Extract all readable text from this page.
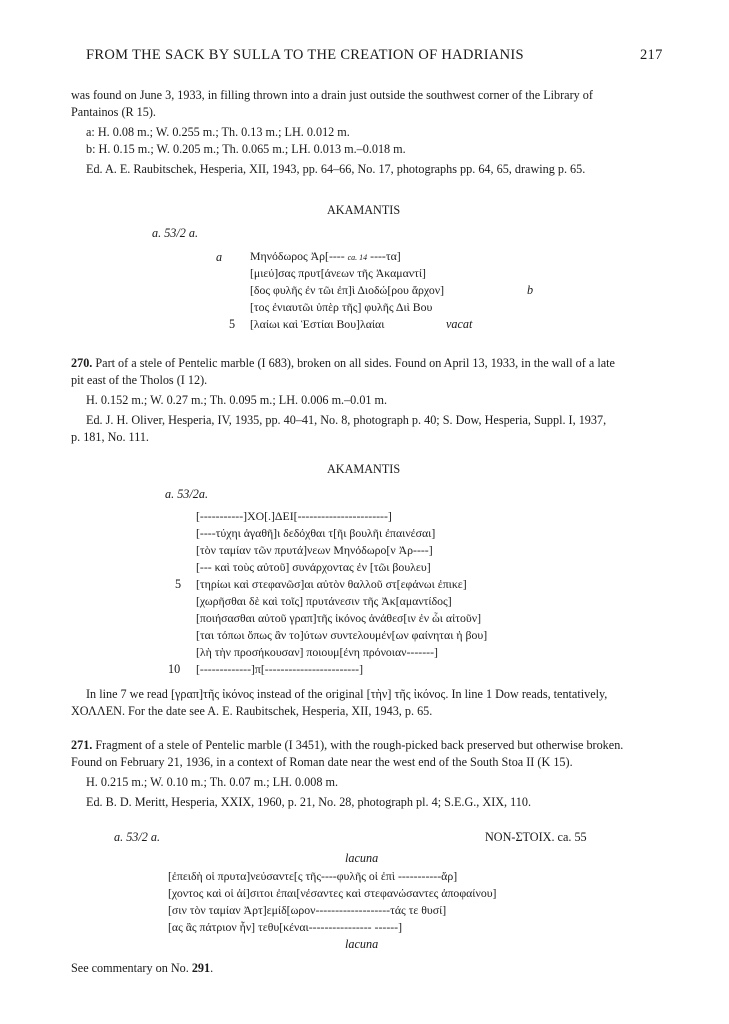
FROM THE SACK BY SULLA TO THE CREATION OF HADRIANIS	217
was found on June 3, 1933, in filling thrown into a drain just outside the southwest corner of the Library of
Pantainos (R 15).
a: H. 0.08 m.; W. 0.255 m.; Th. 0.13 m.; LH. 0.012 m.
b: H. 0.15 m.; W. 0.205 m.; Th. 0.065 m.; LH. 0.013 m.–0.018 m.
Ed. A. E. Raubitschek, Hesperia, XII, 1943, pp. 64–66, No. 17, photographs pp. 64, 65, drawing p. 65.
AKAMANTIS
a. 53/2 a.
a Μηνόδωρος Ἀρ[---- ca. 14 ----τα]
[μιεύ]σας πρυτ[άνεων τῆς Ἀκαμαντί]
[δος φυλῆς ἐν τῶι ἐπ]ὶ Διοδώ[ρου ἄρχον]	b
[τος ἐνιαυτῶι ὑπὲρ τῆς] φυλῆς Διὶ Βου
5 [λαίωι καὶ Ἑστίαι Βου]λαίαι	vacat
270. Part of a stele of Pentelic marble (I 683), broken on all sides. Found on April 13, 1933, in the wall of a late
pit east of the Tholos (I 12).
H. 0.152 m.; W. 0.27 m.; Th. 0.095 m.; LH. 0.006 m.–0.01 m.
Ed. J. H. Oliver, Hesperia, IV, 1935, pp. 40–41, No. 8, photograph p. 40; S. Dow, Hesperia, Suppl. I, 1937,
p. 181, No. 111.
AKAMANTIS
a. 53/2a.
[-----------]ΧΟ[.]ΔΕΙ[-----------------------]
[----τύχηι ἀγαθῆ]ι δεδόχθαι τ[ῆι βουλῆι ἐπαινέσαι]
[τὸν ταμίαν τῶν πρυτά]νεων Μηνόδωρο[ν Ἀρ----]
[--- καὶ τοὺς αὐτοῦ] συνάρχοντας ἐν [τῶι βουλευ]
5 [τηρίωι καὶ στεφανῶσ]αι αὐτὸν θαλλοῦ στ[εφάνωι ἐπικε]
[χωρῆσθαι δὲ καὶ τοῖς] πρυτάνεσιν τῆς Ἀκ[αμαντίδος]
[ποιήσασθαι αὐτοῦ γραπ]τῆς ἰκόνος ἀνάθεσ[ιν ἐν ὧι αἰτοῦν]
[ται τόπωι ὅπως ἂν το]ύτων συντελουμέν[ων φαίνηται ἡ βου]
[λὴ τὴν προσήκουσαν] ποιουμ[ένη πρόνοιαν-------]
10 [-------------]π[------------------------]
In line 7 we read [γραπ]τῆς ἰκόνος instead of the original [τὴν] τῆς ἰκόνος. In line 1 Dow reads, tentatively,
ΧΟΛΛΕΝ. For the date see A. E. Raubitschek, Hesperia, XII, 1943, p. 65.
271. Fragment of a stele of Pentelic marble (I 3451), with the rough-picked back preserved but otherwise broken.
Found on February 21, 1936, in a context of Roman date near the west end of the South Stoa II (K 15).
H. 0.215 m.; W. 0.10 m.; Th. 0.07 m.; LH. 0.008 m.
Ed. B. D. Meritt, Hesperia, XXIX, 1960, p. 21, No. 28, photograph pl. 4; S.E.G., XIX, 110.
a. 53/2 a.	NON-ΣΤΟΙΧ. ca. 55
lacuna
[ἐπειδὴ οἱ πρυτα]νεύσαντε[ς τῆς----φυλῆς οἱ ἐπὶ -----------ἄρ]
[χοντος καὶ οἱ ἀί]σιτοι ἐπαι[νέσαντες καὶ στεφανώσαντες ἀποφαίνου]
[σιν τὸν ταμίαν Ἀρτ]εμίδ[ωρον-------------------τάς τε θυσί]
[ας ἃς πάτριον ἦν] τεθυ[κέναι---------------- ------]
lacuna
See commentary on No. 291.
